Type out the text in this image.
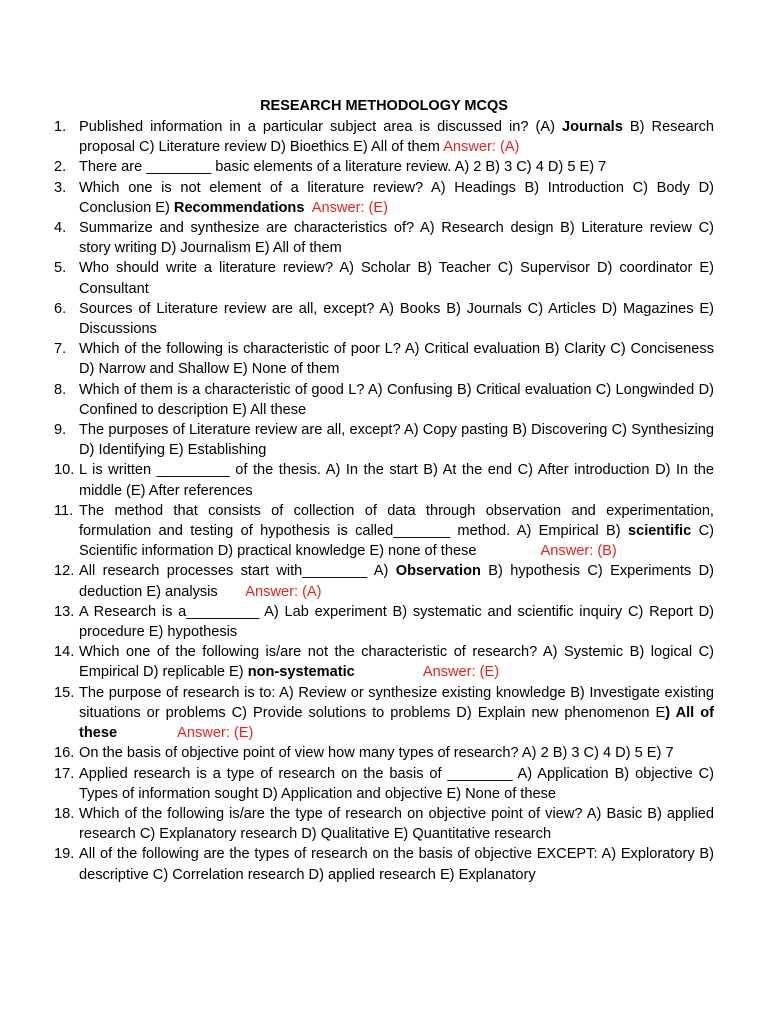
RESEARCH METHODOLOGY MCQS
1. Published information in a particular subject area is discussed in? (A) Journals B) Research proposal C) Literature review D) Bioethics E) All of them Answer: (A)
2. There are ________ basic elements of a literature review. A) 2 B) 3 C) 4 D) 5 E) 7
3. Which one is not element of a literature review? A) Headings B) Introduction C) Body D) Conclusion E) Recommendations Answer: (E)
4. Summarize and synthesize are characteristics of? A) Research design B) Literature review C) story writing D) Journalism E) All of them
5. Who should write a literature review? A) Scholar B) Teacher C) Supervisor D) coordinator E) Consultant
6. Sources of Literature review are all, except? A) Books B) Journals C) Articles D) Magazines E) Discussions
7. Which of the following is characteristic of poor L? A) Critical evaluation B) Clarity C) Conciseness D) Narrow and Shallow E) None of them
8. Which of them is a characteristic of good L? A) Confusing B) Critical evaluation C) Longwinded D) Confined to description E) All these
9. The purposes of Literature review are all, except? A) Copy pasting B) Discovering C) Synthesizing D) Identifying E) Establishing
10. L is written _________ of the thesis. A) In the start B) At the end C) After introduction D) In the middle (E) After references
11. The method that consists of collection of data through observation and experimentation, formulation and testing of hypothesis is called_______ method. A) Empirical B) scientific C) Scientific information D) practical knowledge E) none of these                Answer: (B)
12. All research processes start with________ A) Observation B) hypothesis C) Experiments D) deduction E) analysis       Answer: (A)
13. A Research is a_________ A) Lab experiment B) systematic and scientific inquiry C) Report D) procedure E) hypothesis
14. Which one of the following is/are not the characteristic of research? A) Systemic B) logical C) Empirical D) replicable E) non-systematic	Answer: (E)
15. The purpose of research is to: A) Review or synthesize existing knowledge B) Investigate existing situations or problems C) Provide solutions to problems D) Explain new phenomenon E) All of these	Answer: (E)
16. On the basis of objective point of view how many types of research? A) 2 B) 3 C) 4 D) 5 E) 7
17. Applied research is a type of research on the basis of ________ A) Application B) objective C) Types of information sought D) Application and objective E) None of these
18. Which of the following is/are the type of research on objective point of view? A) Basic B) applied research C) Explanatory research D) Qualitative E) Quantitative research
19. All of the following are the types of research on the basis of objective EXCEPT: A) Exploratory B) descriptive C) Correlation research D) applied research E) Explanatory
